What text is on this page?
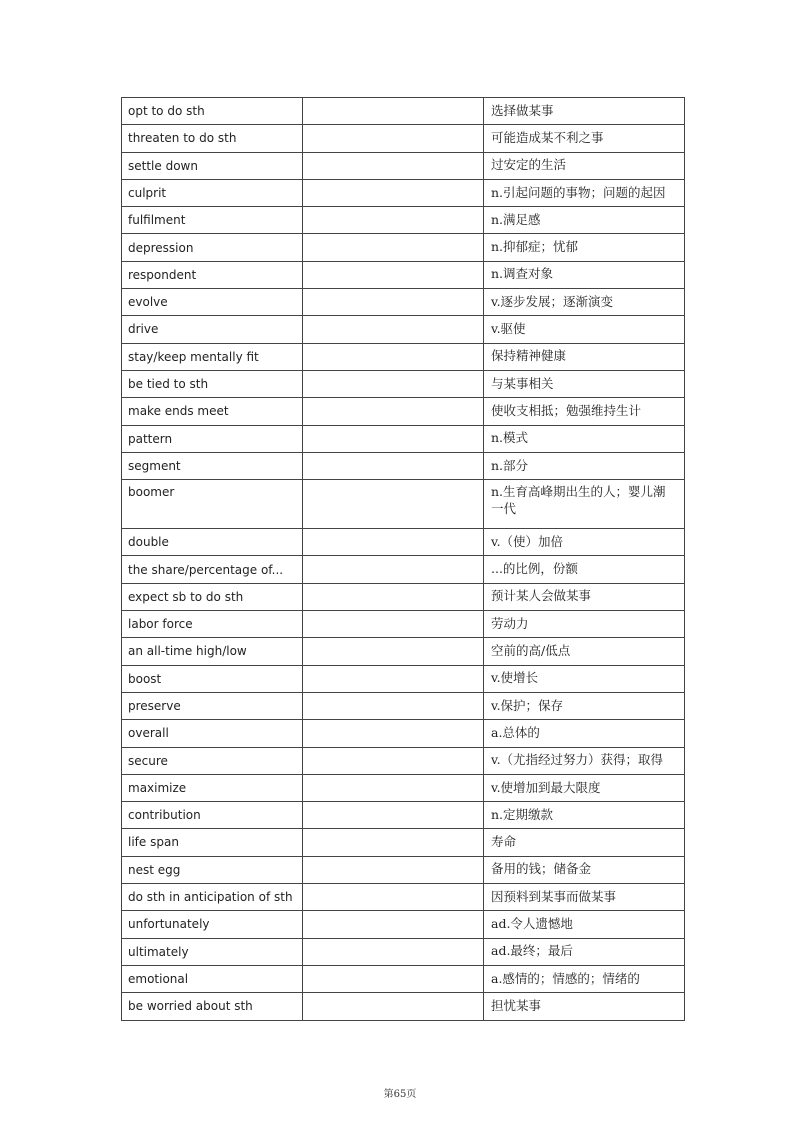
opt to do sth		选择做某事
threaten to do sth		可能造成某不利之事
settle down		过安定的生活
culprit		n.引起问题的事物；问题的起因
fulfilment		n.满足感
depression		n.抑郁症；忧郁
respondent		n.调查对象
evolve		v.逐步发展；逐渐演变
drive		v.驱使
stay/keep mentally fit		保持精神健康
be tied to sth		与某事相关
make ends meet		使收支相抵；勉强维持生计
pattern		n.模式
segment		n.部分
boomer		n.生育高峰期出生的人；婴儿潮一代
double		v.（使）加倍
the share/percentage of...		...的比例，份额
expect sb to do sth		预计某人会做某事
labor force		劳动力
an all-time high/low		空前的高/低点
boost		v.使增长
preserve		v.保护；保存
overall		a.总体的
secure		v.（尤指经过努力）获得；取得
maximize		v.使增加到最大限度
contribution		n.定期缴款
life span		寿命
nest egg		备用的钱；储备金
do sth in anticipation of sth		因预料到某事而做某事
unfortunately		ad.令人遗憾地
ultimately		ad.最终；最后
emotional		a.感情的；情感的；情绪的
be worried about sth		担忧某事
第65页
